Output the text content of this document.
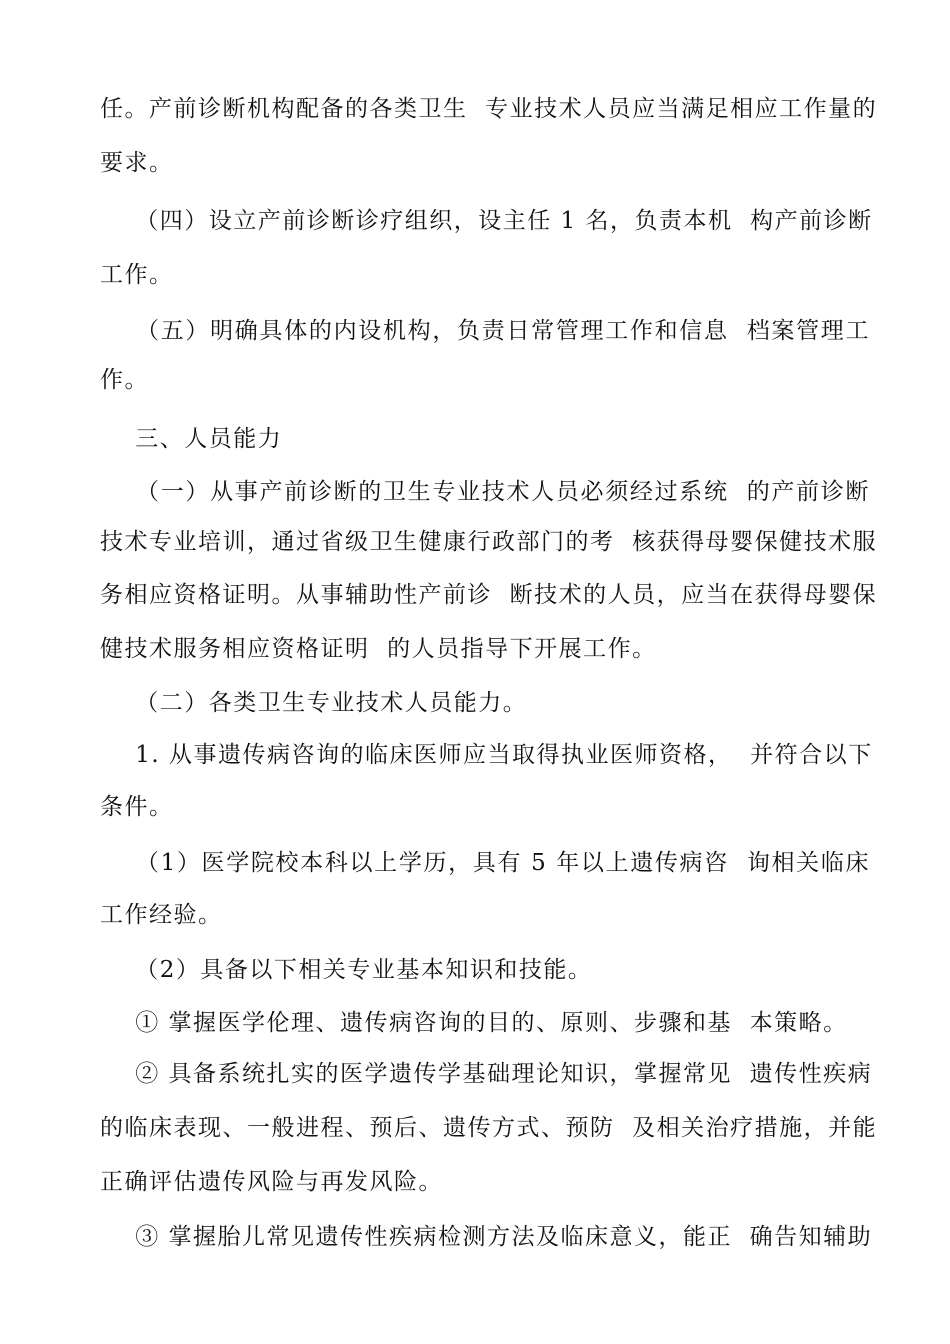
任。产前诊断机构配备的各类卫生  专业技术人员应当满足相应工作量的
要求。
（四）设立产前诊断诊疗组织，设主任 1 名，负责本机  构产前诊断
工作。
（五）明确具体的内设机构，负责日常管理工作和信息  档案管理工
作。
三、人员能力
（一）从事产前诊断的卫生专业技术人员必须经过系统  的产前诊断
技术专业培训，通过省级卫生健康行政部门的考  核获得母婴保健技术服
务相应资格证明。从事辅助性产前诊  断技术的人员，应当在获得母婴保
健技术服务相应资格证明  的人员指导下开展工作。
（二）各类卫生专业技术人员能力。
1. 从事遗传病咨询的临床医师应当取得执业医师资格，  并符合以下
条件。
（1）医学院校本科以上学历，具有 5 年以上遗传病咨  询相关临床
工作经验。
（2）具备以下相关专业基本知识和技能。
① 掌握医学伦理、遗传病咨询的目的、原则、步骤和基  本策略。
② 具备系统扎实的医学遗传学基础理论知识，掌握常见  遗传性疾病
的临床表现、一般进程、预后、遗传方式、预防  及相关治疗措施，并能
正确评估遗传风险与再发风险。
③ 掌握胎儿常见遗传性疾病检测方法及临床意义，能正  确告知辅助
